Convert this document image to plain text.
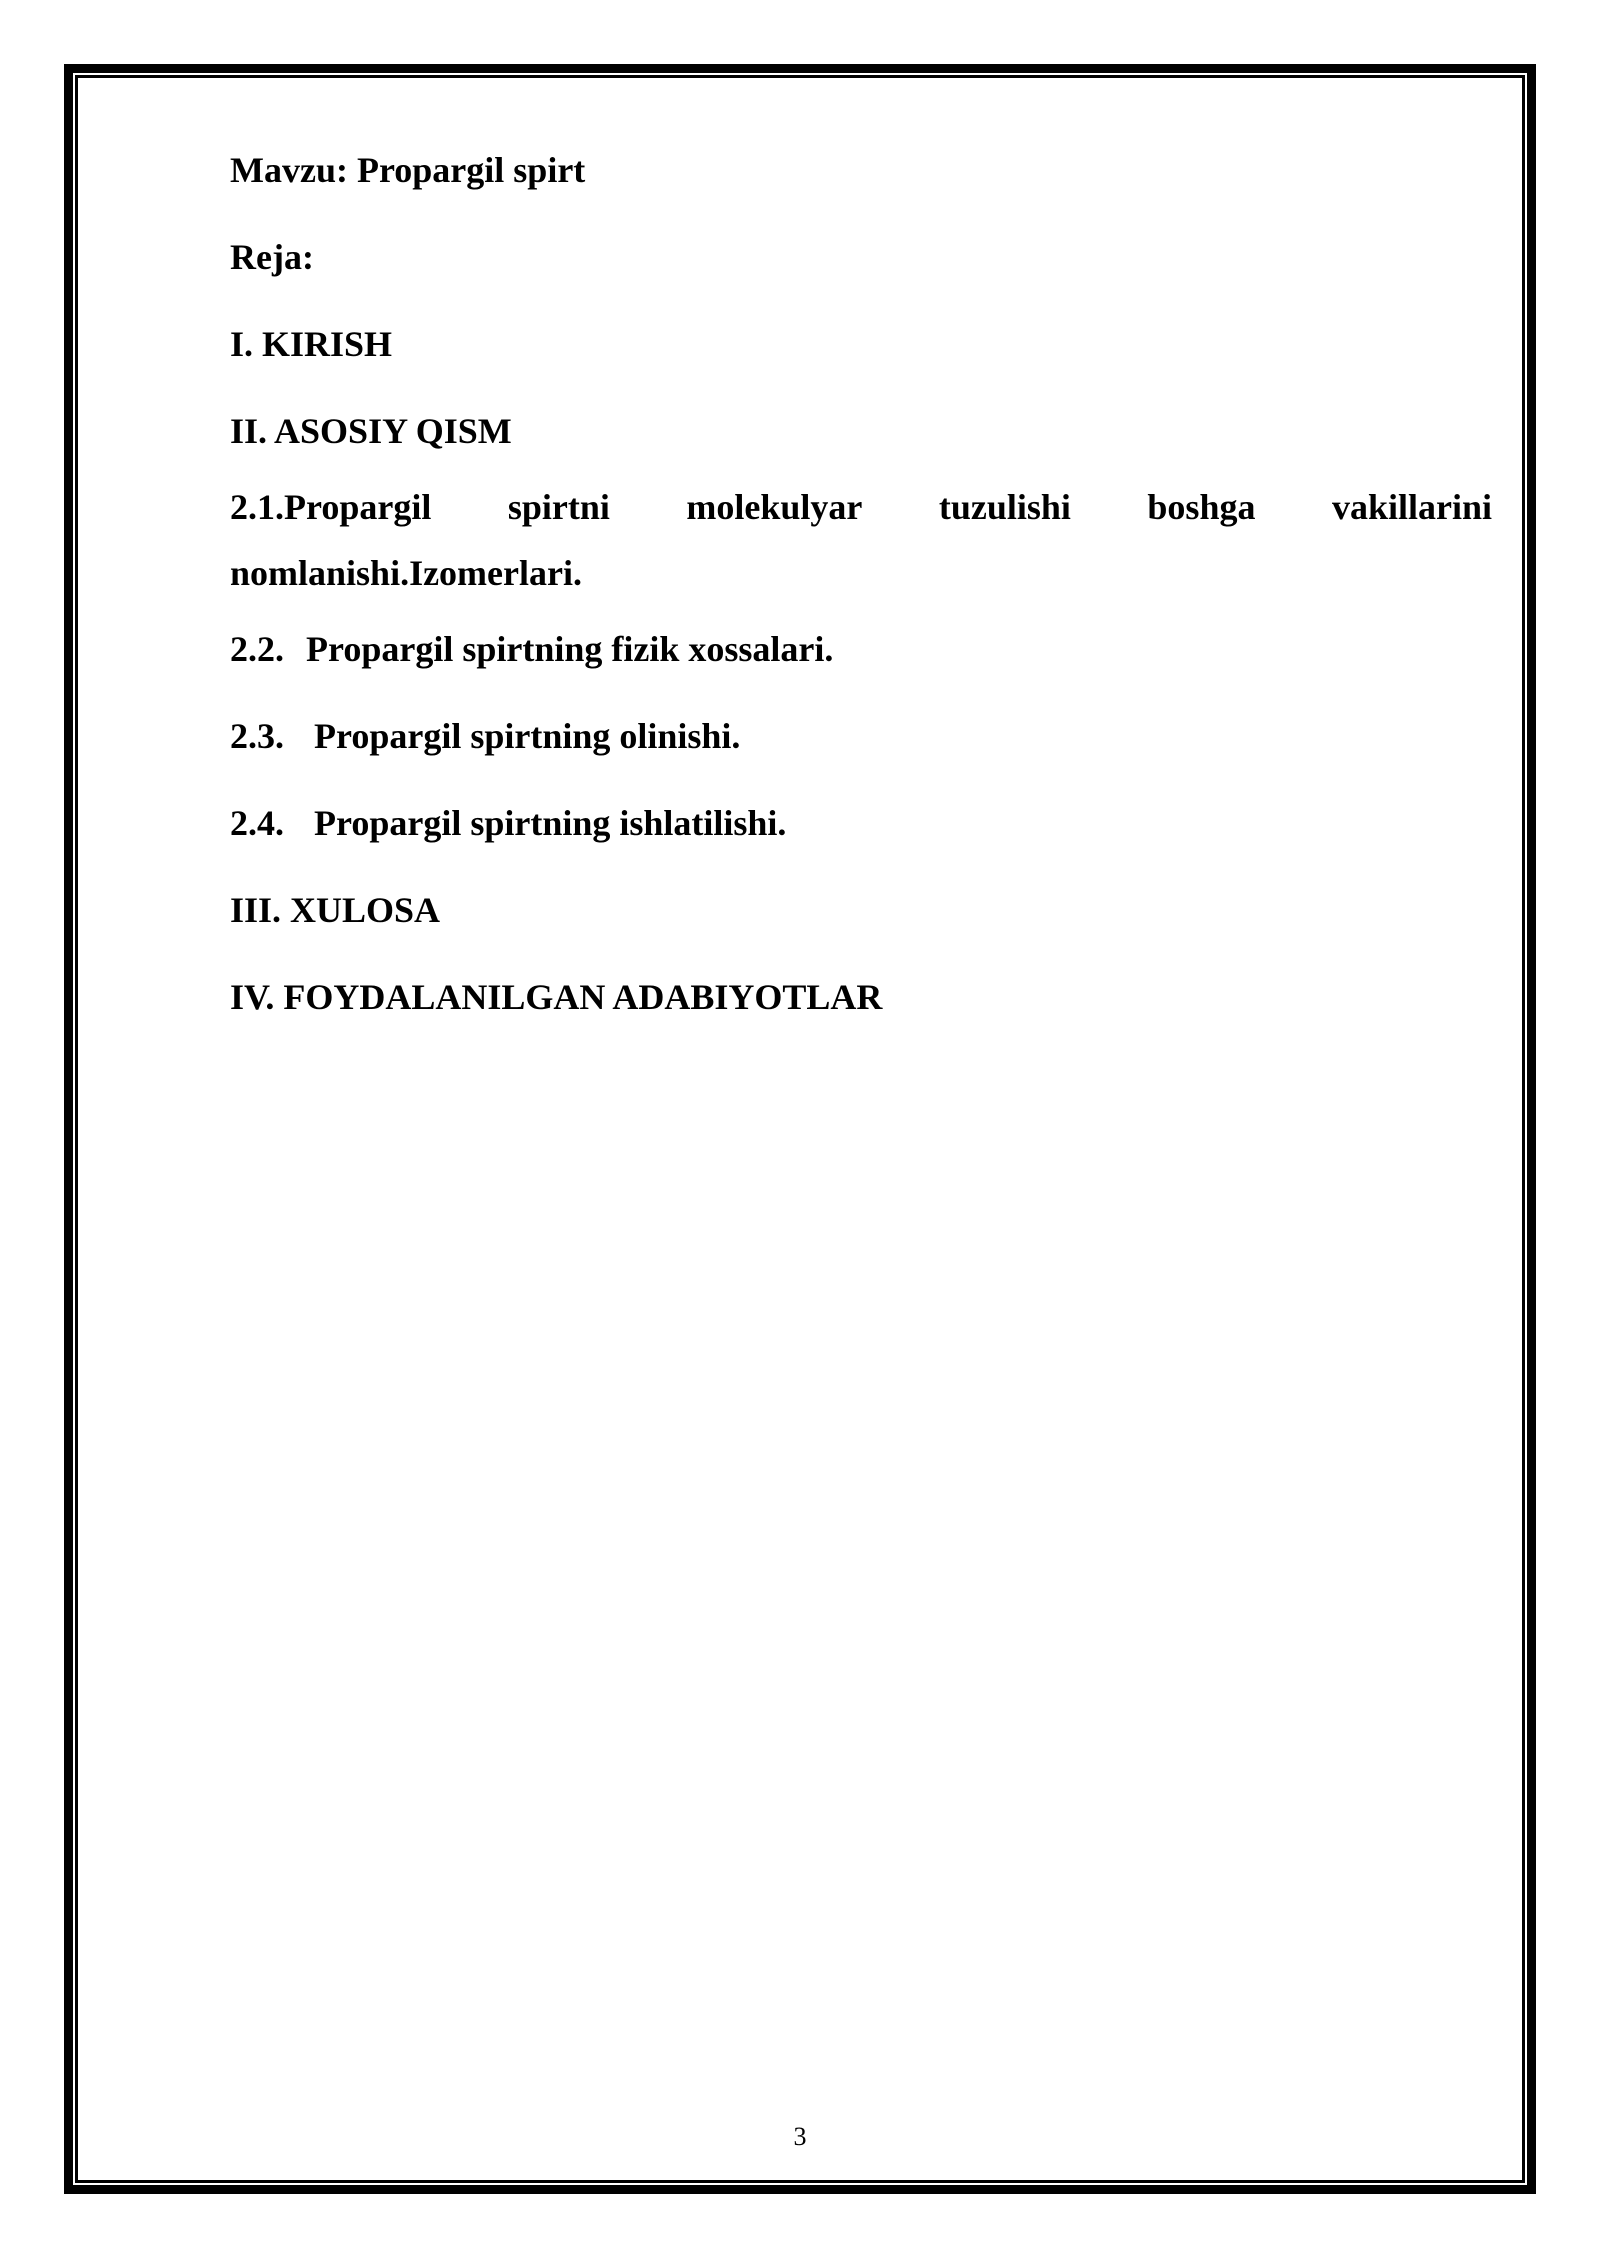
Mavzu: Propargil spirt
Reja:
I. KIRISH
II. ASOSIY QISM
2.1.Propargil spirtni molekulyar tuzulishi boshga vakillarini
nomlanishi.Izomerlari.
2.2. Propargil spirtning fizik xossalari.
2.3. Propargil spirtning olinishi.
2.4. Propargil spirtning ishlatilishi.
III. XULOSA
IV. FOYDALANILGAN ADABIYOTLAR
3
